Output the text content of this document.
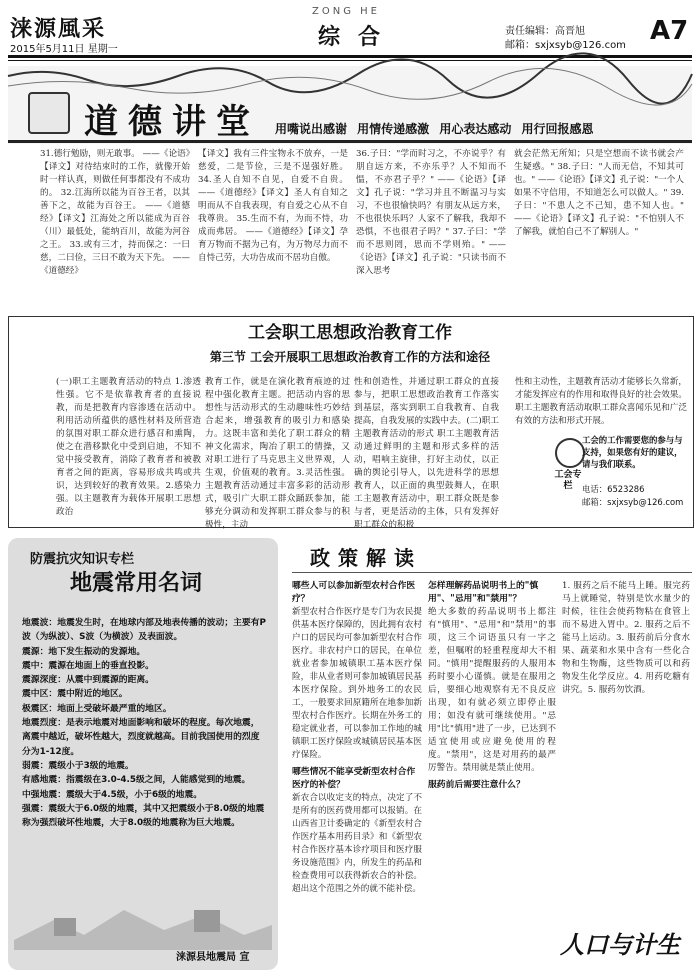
涞源風采
2015年5月11日 星期一
ZONG HE
综合	责任编辑：高晋旭
邮箱：sxjxsyb@126.com A7
道德讲堂 用嘴说出感谢 用情传递感激 用心表达感动 用行回报感恩
31.德行勉励，则无敢事。 ——《论语》【译文】对待结束时的工作，就像开始时一样认真，则做任何事都没有不成功的。 32.江海所以能为百谷王者，以其善下之，故能为百谷王。 ——《道德经》【译文】江海处之所以能成为百谷（川）最低处，能纳百川，故能为河谷之王。 33.或有三才，持而保之：一曰慈，二曰俭，三曰不敢为天下先。 ——《道德经》
【译文】我有三件宝物永不放弃，一是慈爱，二是节俭，三是不逞强好胜。 34.圣人自知不自见，自爱不自贵。 ——《道德经》【译文】圣人有自知之明而从不自我表现，有自爱之心从不自我尊贵。 35.生而不有，为而不恃，功成而弗居。 ——《道德经》【译文】孕育万物而不据为己有，为万物尽力而不自恃己劳，大功告成而不居功自傲。
36.子曰："学而时习之，不亦说乎？有朋自远方来，不亦乐乎？人不知而不愠，不亦君子乎？" ——《论语》【译文】孔子说："学习并且不断温习与实习，不也很愉快吗？有朋友从远方来，不也很快乐吗？人家不了解我，我却不恐惧，不也很君子吗？" 37.子曰："学而不思则罔，思而不学则殆。" ——《论语》【译文】孔子说："只读书而不深入思考
就会茫然无所知；只是空想而不读书就会产生疑惑。" 38.子曰："人而无信，不知其可也。" ——《论语》【译文】孔子说："一个人如果不守信用，不知道怎么可以做人。" 39.子曰："不患人之不己知，患不知人也。" ——《论语》【译文】孔子说："不怕别人不了解我，就怕自己不了解别人。"
工会职工思想政治教育工作
第三节 工会开展职工思想政治教育工作的方法和途径
(一)职工主题教育活动的特点 1.渗透性强。它不是依靠教育者的直接说教，而是把教育内容渗透在活动中。利用活动所蕴供的感性材料及所营造的氛围对职工群众进行感召和熏陶，使之在潜移默化中受到启迪，不知不觉中接受教育，消除了教育者和被教育者之间的距离，容易形成共鸣或共识，达到较好的教育效果。2.感染力强。以主题教育为载体开展职工思想政治
教育工作，就是在演化教育痕迹的过程中强化教育主题。把活动内容的思想性与活动形式的生动趣味性巧妙结合起来，增强教育的吸引力和感染力。这既丰富和美化了职工群众的精神文化需求，陶冶了职工的情操，又对职工进行了马克思主义世界观，人生观，价值观的教育。3.灵活性强。主题教育活动通过丰富多彩的活动形式，吸引广大职工群众踊跃参加，能够充分调动和发挥职工群众参与的积极性，主动
性和创造性，并通过职工群众的直接参与，把职工思想政治教育工作落实到基层，落实到职工自我教育、自我提高，自我发展的实践中去。(二)职工主题教育活动的形式 职工主题教育活动通过鲜明的主题和形式多样的活动，唱响主旋律，打好主动仗，以正确的舆论引导人，以先进科学的思想教育人，以正面的典型鼓舞人，在职工主题教育活动中，职工群众既是参与者，更是活动的主体，只有发挥好职工群众的积极
性和主动性，主题教育活动才能够长久常新，才能发挥应有的作用和取得良好的社会效果。职工主题教育活动取职工群众喜闻乐见和广泛有效的方法和形式开展。
工会专栏
工会的工作需要您的参与与支持，如果您有好的建议，请与我们联系。
电话：6523286
邮箱：sxjxsyb@126.com
防震抗灾知识专栏
地震常用名词

地震波：地震发生时，在地球内部及地表传播的波动；主要有P波（为纵波）、S波（为横波）及表面波。

震源：地下发生振动的发源地。

震中：震源在地面上的垂直投影。

震源深度：从震中到震源的距离。

震中区：震中附近的地区。

极震区：地面上受破坏最严重的地区。

地震烈度：是表示地震对地面影响和破坏的程度。每次地震，离震中越近，破坏性越大，烈度就越高。目前我国使用的烈度分为1-12度。

弱震：震级小于3级的地震。

有感地震：指震级在3.0-4.5级之间，人能感觉到的地震。

中强地震：震级大于4.5级，小于6级的地震。

强震：震级大于6.0级的地震，其中又把震级小于8.0级的地震称为强烈破坏性地震，大于8.0级的地震称为巨大地震。

涞源县地震局 宣
政策解读
哪些人可以参加新型农村合作医疗？
新型农村合作医疗是专门为农民提供基本医疗保障的，因此拥有农村户口的居民均可参加新型农村合作医疗。非农村户口的居民，在单位就业者参加城镇职工基本医疗保险，非从业者则可参加城镇居民基本医疗保险。到外地务工的农民工，一般要求回原籍所在地参加新型农村合作医疗。长期在外务工的稳定就业者，可以参加工作地的城镇职工医疗保险或城镇居民基本医疗保险。
哪些情况不能享受新型农村合作医疗的补偿？
新农合以收定支的特点，决定了不是所有的医药费用都可以报销。在山西省卫计委确定的《新型农村合作医疗基本用药目录》和《新型农村合作医疗基本诊疗项目和医疗服务设施范围》内，所发生的药品和检查费用可以获得新农合的补偿。超出这个范围之外的就不能补偿。
怎样理解药品说明书上的"慎用"、"忌用"和"禁用"？
绝大多数的药品说明书上都注有"慎用"、"忌用"和"禁用"的事项，这三个词语虽只有一字之差，但嘱咐的轻重程度却大不相同。"慎用"提醒服药的人服用本药时要小心谨慎。就是在服用之后，要细心地观察有无不良反应出现，如有就必须立即停止服用；如没有就可继续使用。"忌用"比"慎用"进了一步，已达到不适宜使用或应避免使用的程度。"禁用"，这是对用药的最严厉警告。禁用就是禁止使用。
服药前后需要注意什么？
1. 服药之后不能马上睡。服完药马上就睡觉，特别是饮水量少的时候，往往会使药物粘在食管上而不易进入胃中。2. 服药之后不能马上运动。3. 服药前后分食水果、蔬菜和水果中含有一些化合物和生物酶，这些物质可以和药物发生化学反应。4. 用药吃糖有讲究。5. 服药勿饮酒。
人口与计生
